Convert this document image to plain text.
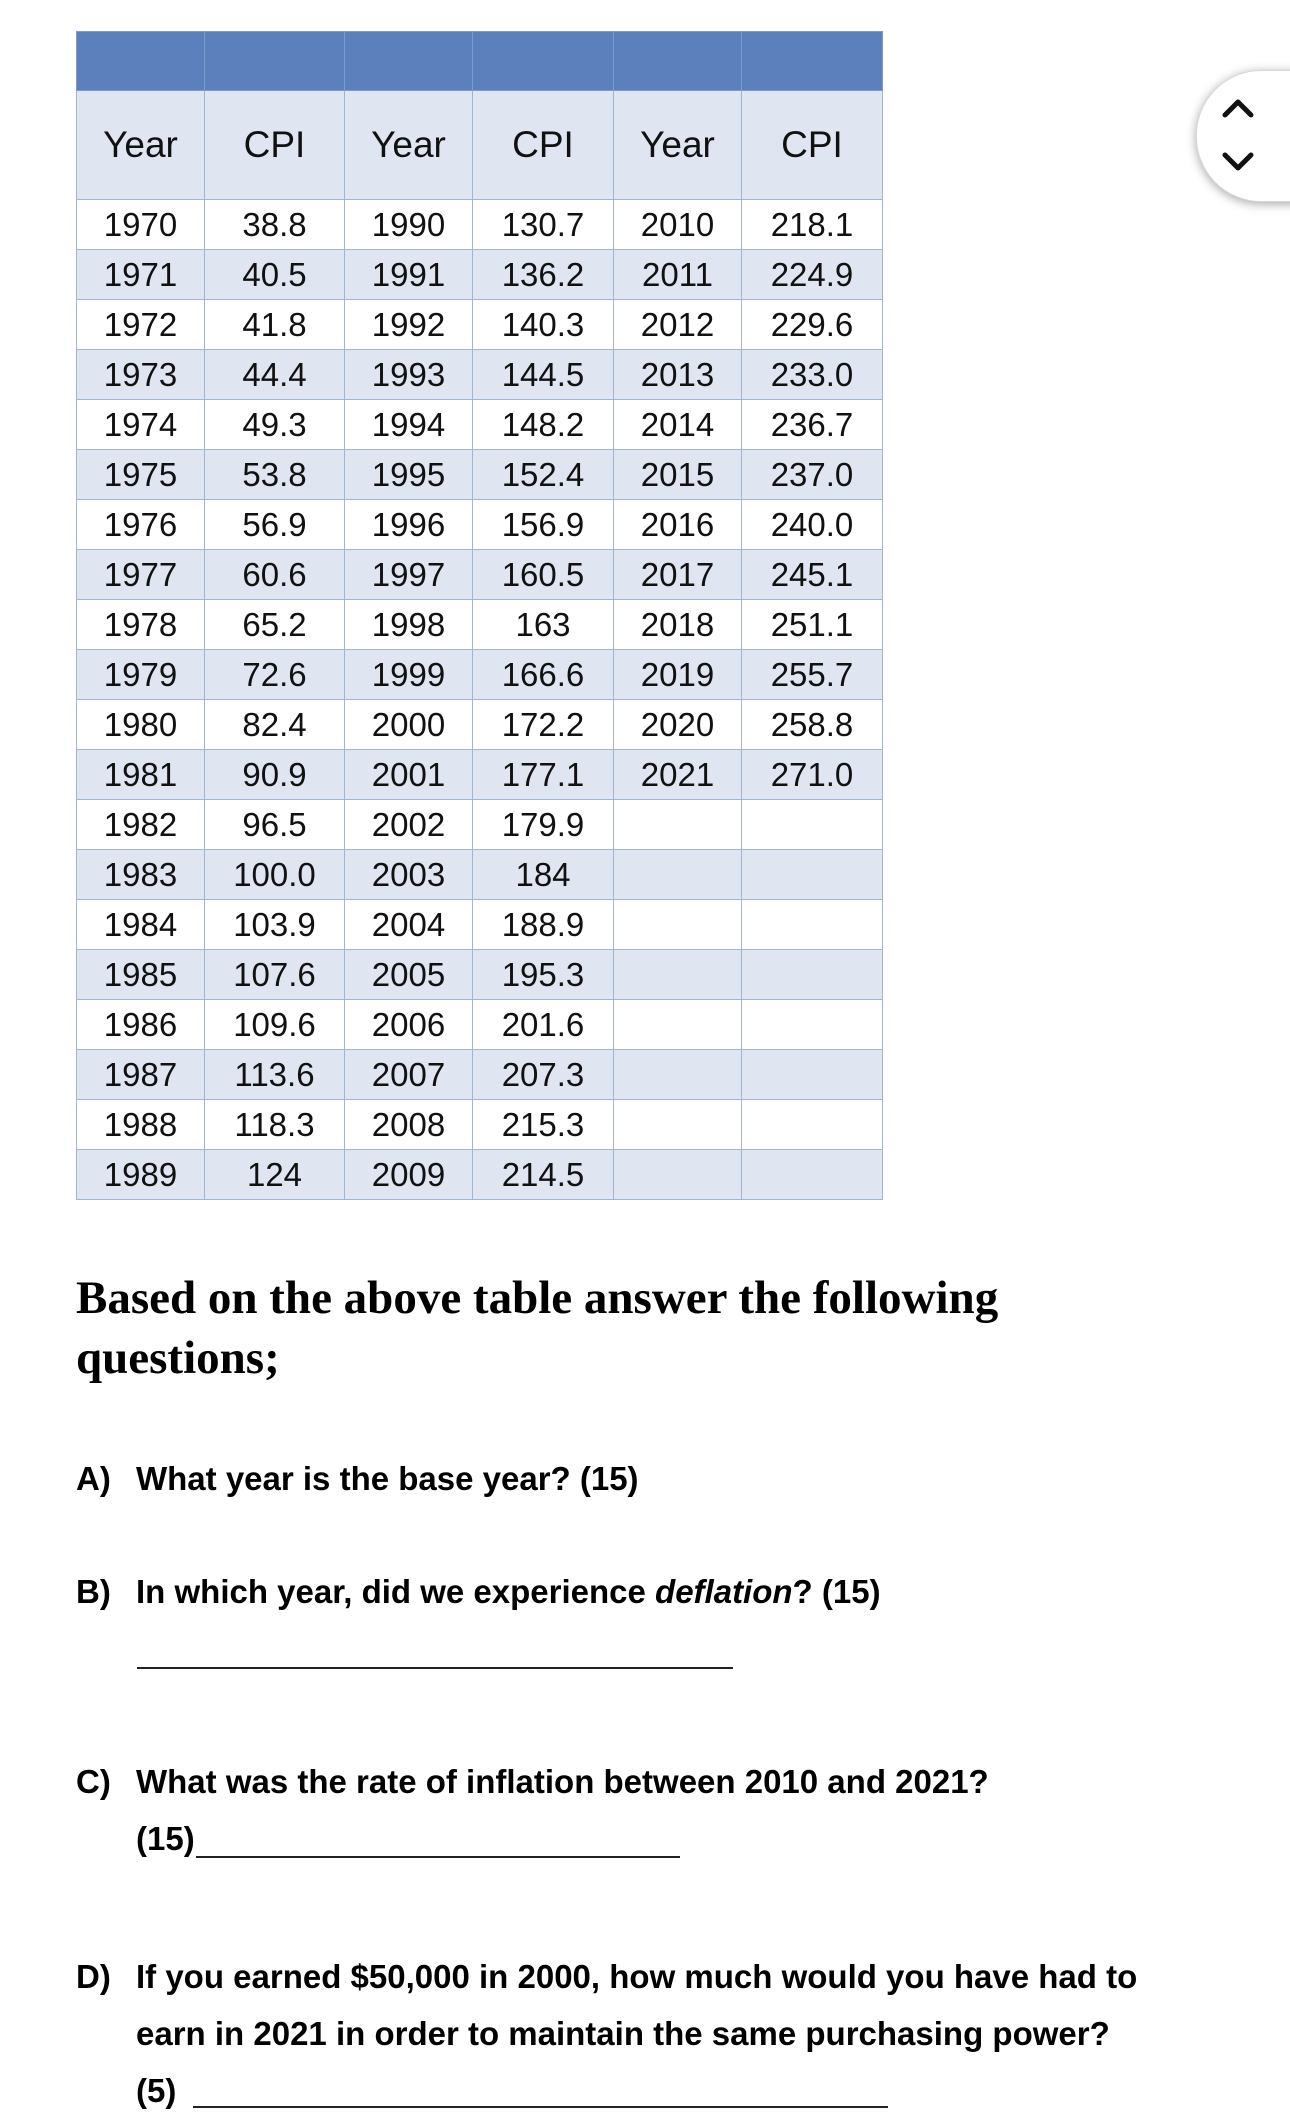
Year	CPI	Year	CPI	Year	CPI
1970	38.8	1990	130.7	2010	218.1
1971	40.5	1991	136.2	2011	224.9
1972	41.8	1992	140.3	2012	229.6
1973	44.4	1993	144.5	2013	233.0
1974	49.3	1994	148.2	2014	236.7
1975	53.8	1995	152.4	2015	237.0
1976	56.9	1996	156.9	2016	240.0
1977	60.6	1997	160.5	2017	245.1
1978	65.2	1998	163	2018	251.1
1979	72.6	1999	166.6	2019	255.7
1980	82.4	2000	172.2	2020	258.8
1981	90.9	2001	177.1	2021	271.0
1982	96.5	2002	179.9		
1983	100.0	2003	184		
1984	103.9	2004	188.9		
1985	107.6	2005	195.3		
1986	109.6	2006	201.6		
1987	113.6	2007	207.3		
1988	118.3	2008	215.3		
1989	124	2009	214.5		
Based on the above table answer the following questions;
A) What year is the base year? (15)
B) In which year, did we experience deflation? (15)
C) What was the rate of inflation between 2010 and 2021?
(15)
D) If you earned $50,000 in 2000, how much would you have had to
earn in 2021 in order to maintain the same purchasing power?
(5)
